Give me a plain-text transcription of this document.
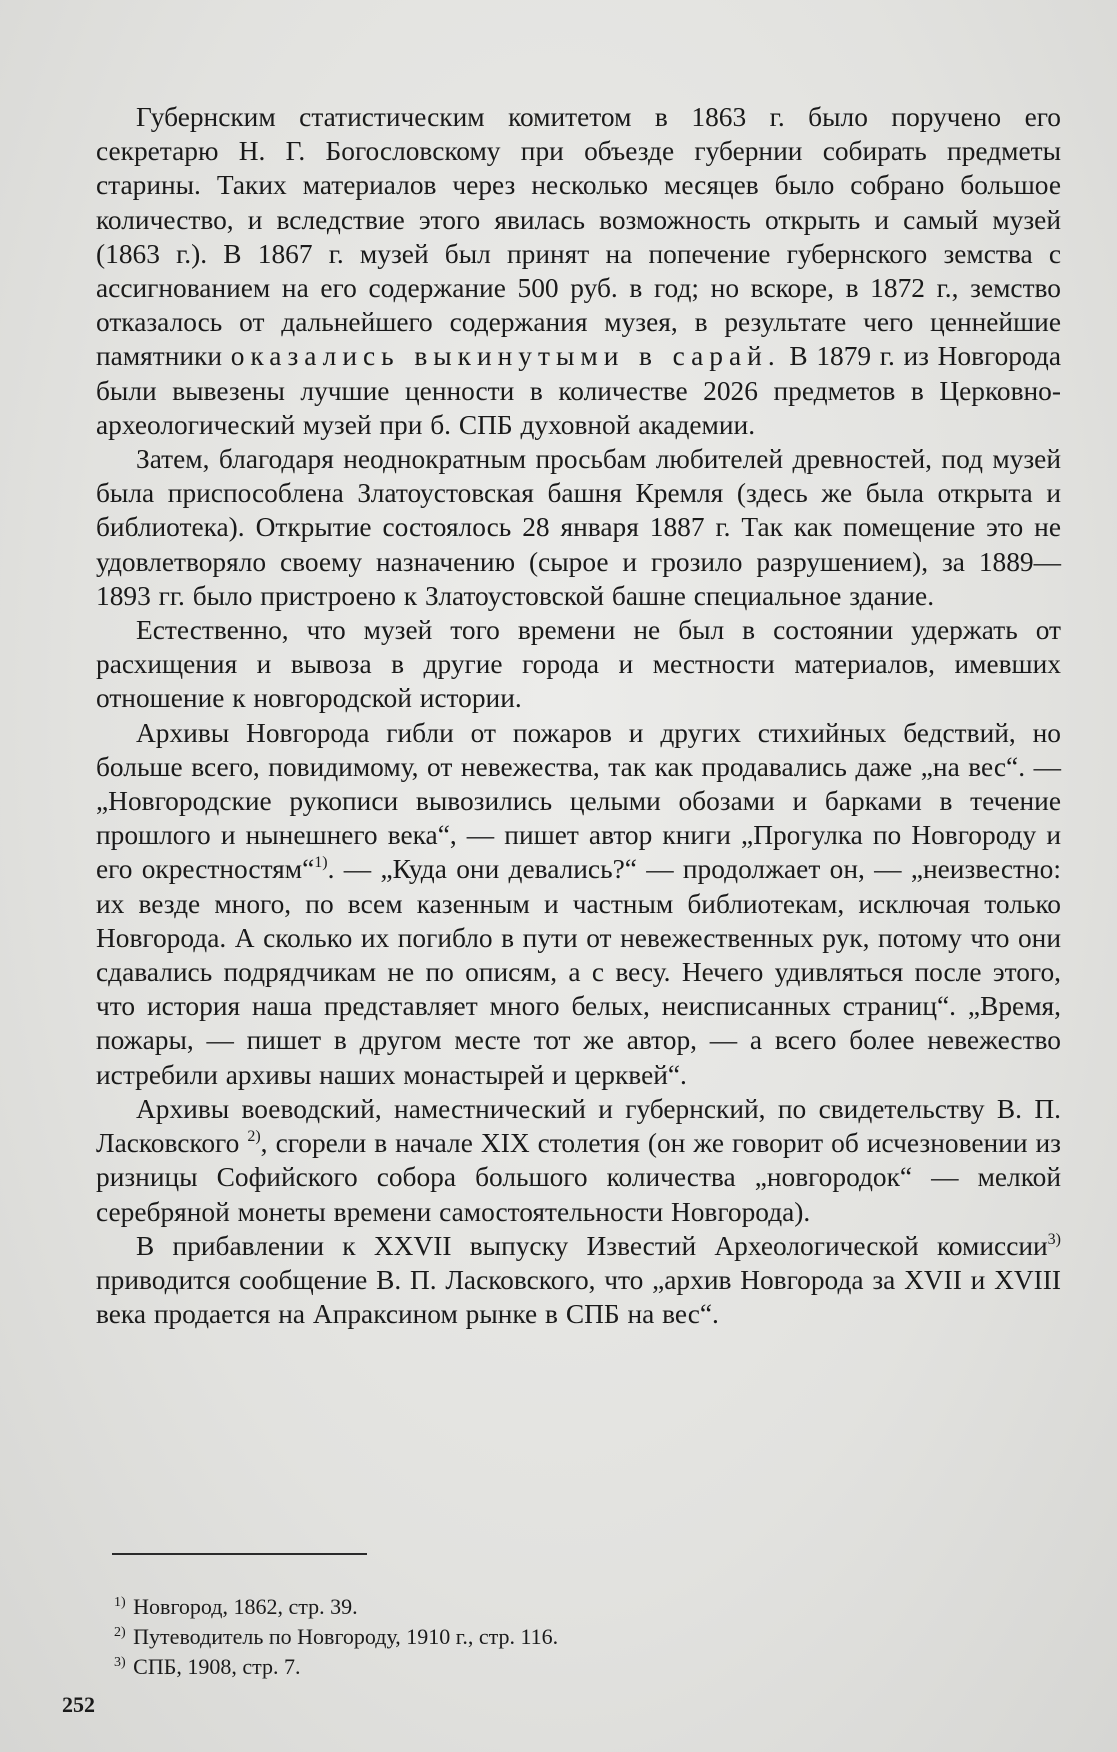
Губернским статистическим комитетом в 1863 г. было поручено его секретарю Н. Г. Богословскому при объезде губернии собирать предметы старины. Таких материалов через несколько месяцев было собрано большое количество, и вследствие этого явилась возможность открыть и самый музей (1863 г.). В 1867 г. музей был принят на попечение губернского земства с ассигнованием на его содержание 500 руб. в год; но вскоре, в 1872 г., земство отказалось от дальнейшего содержания музея, в результате чего ценнейшие памятники оказались выкинутыми в сарай. В 1879 г. из Новгорода были вывезены лучшие ценности в количестве 2026 предметов в Церковно-археологический музей при б. СПБ духовной академии.

Затем, благодаря неоднократным просьбам любителей древностей, под музей была приспособлена Златоустовская башня Кремля (здесь же была открыта и библиотека). Открытие состоялось 28 января 1887 г. Так как помещение это не удовлетворяло своему назначению (сырое и грозило разрушением), за 1889—1893 гг. было пристроено к Златоустовской башне специальное здание.

Естественно, что музей того времени не был в состоянии удержать от расхищения и вывоза в другие города и местности материалов, имевших отношение к новгородской истории.

Архивы Новгорода гибли от пожаров и других стихийных бедствий, но больше всего, повидимому, от невежества, так как продавались даже „на вес“. — „Новгородские рукописи вывозились целыми обозами и барками в течение прошлого и нынешнего века“, — пишет автор книги „Прогулка по Новгороду и его окрестностям“$^{1)}$. — „Куда они девались?“ — продолжает он, — „неизвестно: их везде много, по всем казенным и частным библиотекам, исключая только Новгорода. А сколько их погибло в пути от невежественных рук, потому что они сдавались подрядчикам не по описям, а с весу. Нечего удивляться после этого, что история наша представляет много белых, неисписанных страниц“. „Время, пожары, — пишет в другом месте тот же автор, — а всего более невежество истребили архивы наших монастырей и церквей“.

Архивы воеводский, наместнический и губернский, по свидетельству В. П. Ласковского $^{2)}$, сгорели в начале XIX столетия (он же говорит об исчезновении из ризницы Софийского собора большого количества „новгородок“ — мелкой серебряной монеты времени самостоятельности Новгорода).

В прибавлении к XXVII выпуску Известий Археологической комиссии$^{3)}$ приводится сообщение В. П. Ласковского, что „архив Новгорода за XVII и XVIII века продается на Апраксином рынке в СПБ на вес“.

$^{1)}$ Новгород, 1862, стр. 39.

$^{2)}$ Путеводитель по Новгороду, 1910 г., стр. 116.

$^{3)}$ СПБ, 1908, стр. 7.

252
